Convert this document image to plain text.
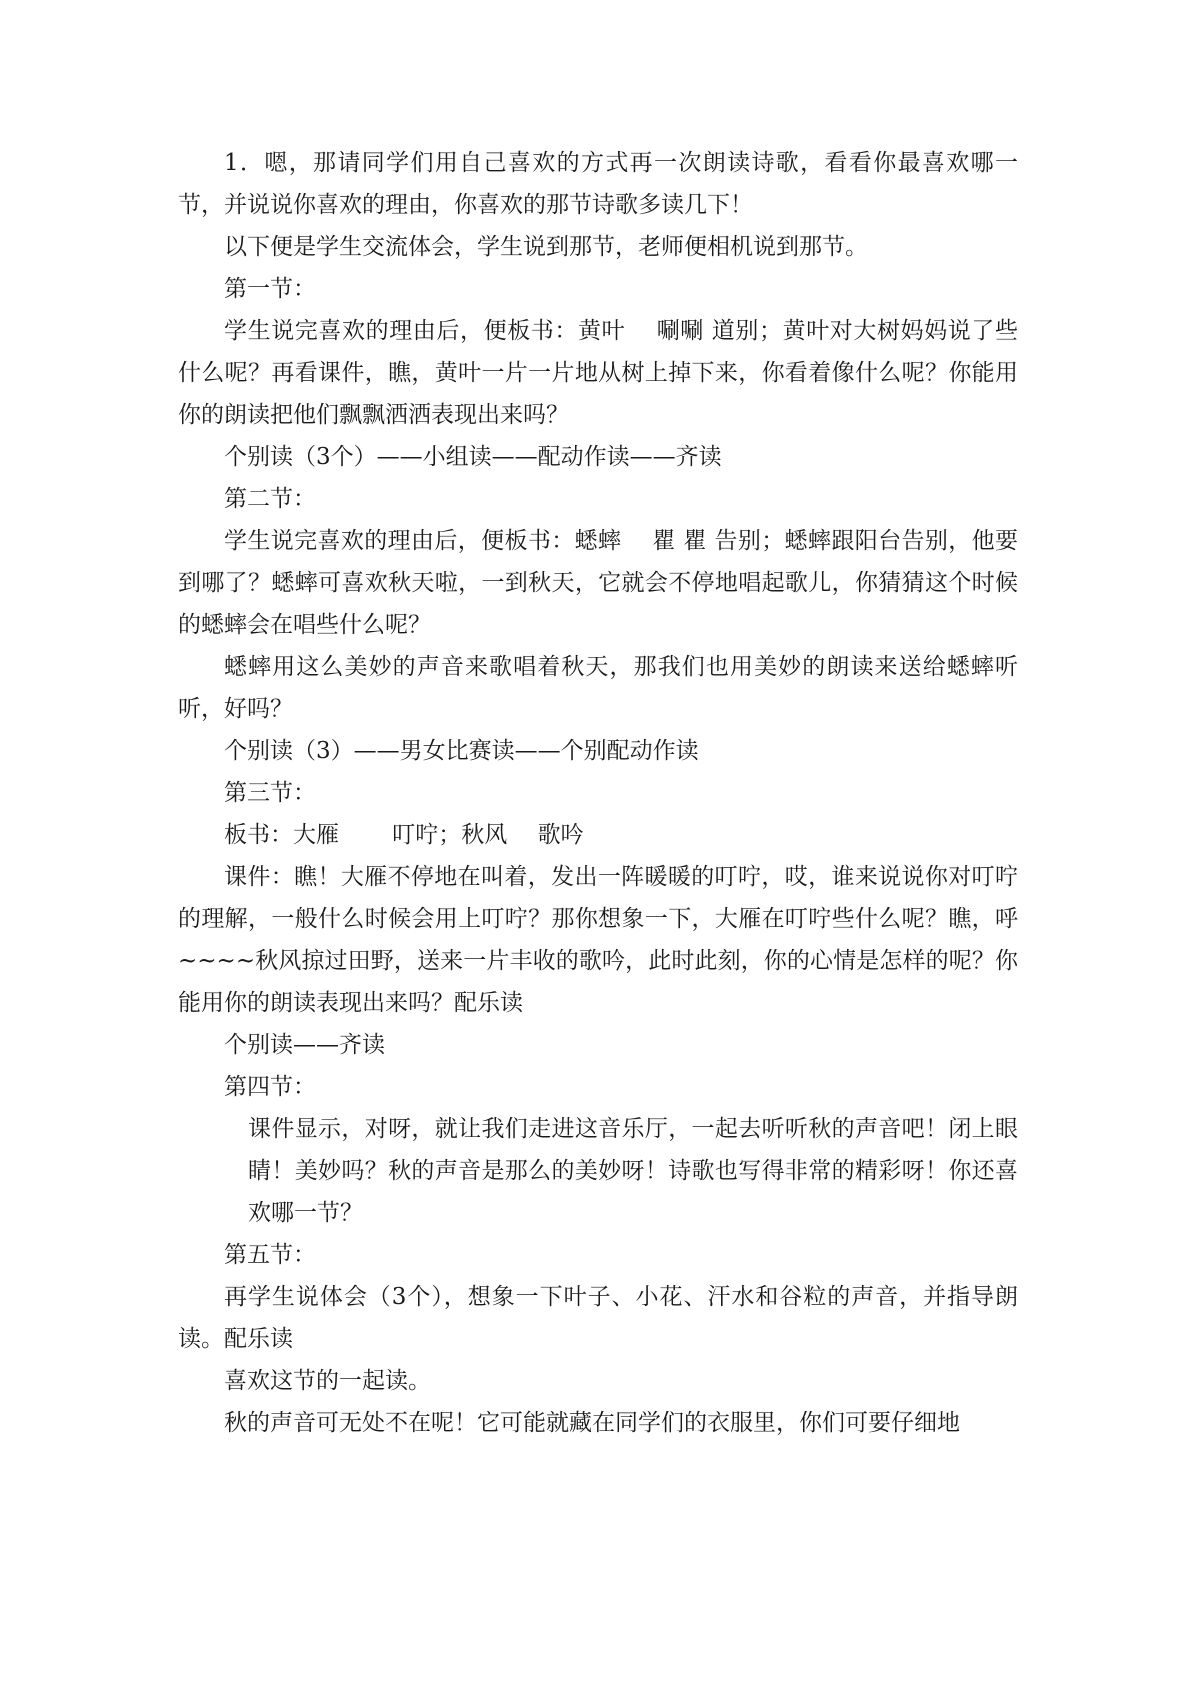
1．嗯，那请同学们用自己喜欢的方式再一次朗读诗歌，看看你最喜欢哪一节，并说说你喜欢的理由，你喜欢的那节诗歌多读几下！

以下便是学生交流体会，学生说到那节，老师便相机说到那节。

第一节：

学生说完喜欢的理由后，便板书：黄叶　 唰唰 道别；黄叶对大树妈妈说了些什么呢？再看课件，瞧，黄叶一片一片地从树上掉下来，你看着像什么呢？你能用你的朗读把他们飘飘洒洒表现出来吗？

个别读（3个）——小组读——配动作读——齐读

第二节：

学生说完喜欢的理由后，便板书：蟋蟀　 瞿 瞿 告别；蟋蟀跟阳台告别，他要到哪了？蟋蟀可喜欢秋天啦，一到秋天，它就会不停地唱起歌儿，你猜猜这个时候的蟋蟀会在唱些什么呢？

蟋蟀用这么美妙的声音来歌唱着秋天，那我们也用美妙的朗读来送给蟋蟀听听，好吗？

个别读（3）——男女比赛读——个别配动作读

第三节：

板书：大雁　　 叮咛；秋风　 歌吟

课件：瞧！大雁不停地在叫着，发出一阵暖暖的叮咛，哎，谁来说说你对叮咛的理解，一般什么时候会用上叮咛？那你想象一下，大雁在叮咛些什么呢？瞧，呼~~~~秋风掠过田野，送来一片丰收的歌吟，此时此刻，你的心情是怎样的呢？你能用你的朗读表现出来吗？配乐读

个别读——齐读

第四节：

课件显示，对呀，就让我们走进这音乐厅，一起去听听秋的声音吧！闭上眼睛！美妙吗？秋的声音是那么的美妙呀！诗歌也写得非常的精彩呀！你还喜欢哪一节？

第五节：

再学生说体会（3个），想象一下叶子、小花、汗水和谷粒的声音，并指导朗读。配乐读

喜欢这节的一起读。

秋的声音可无处不在呢！它可能就藏在同学们的衣服里，你们可要仔细地
